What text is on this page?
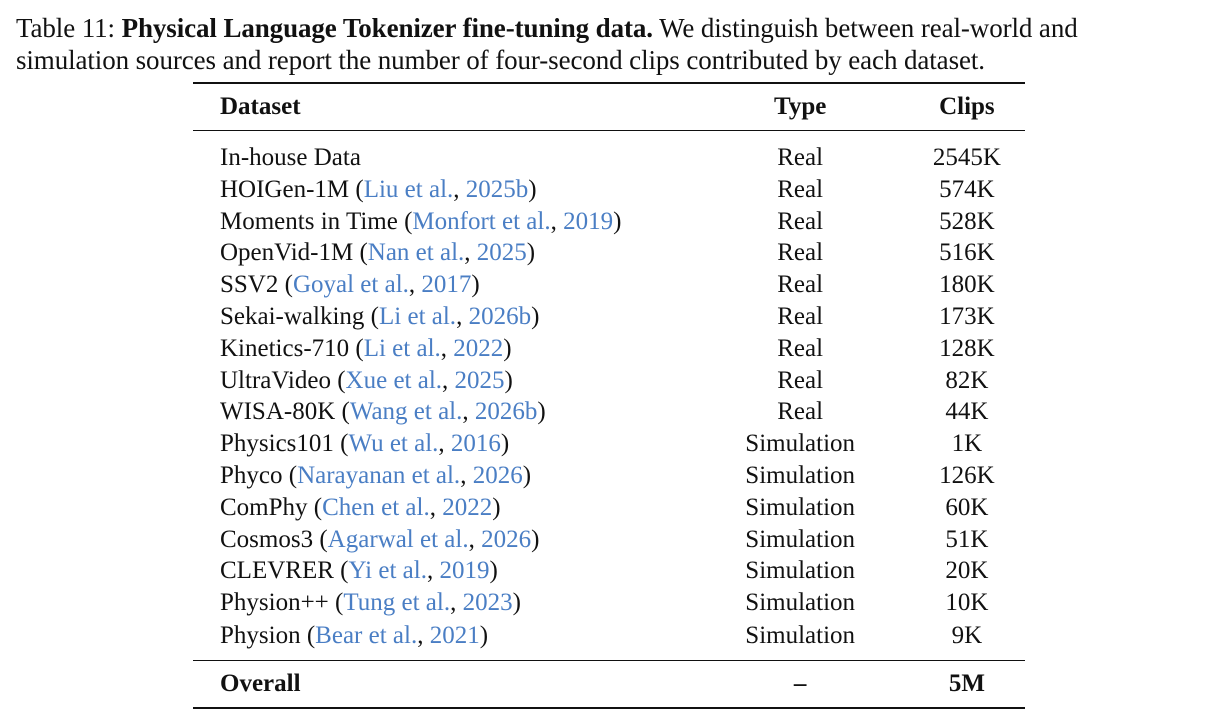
Table 11: Physical Language Tokenizer fine-tuning data. We distinguish between real-world and
simulation sources and report the number of four-second clips contributed by each dataset.
Dataset	Type	Clips
In-house Data	Real	2545K
HOIGen-1M (Liu et al., 2025b)	Real	574K
Moments in Time (Monfort et al., 2019)	Real	528K
OpenVid-1M (Nan et al., 2025)	Real	516K
SSV2 (Goyal et al., 2017)	Real	180K
Sekai-walking (Li et al., 2026b)	Real	173K
Kinetics-710 (Li et al., 2022)	Real	128K
UltraVideo (Xue et al., 2025)	Real	82K
WISA-80K (Wang et al., 2026b)	Real	44K
Physics101 (Wu et al., 2016)	Simulation	1K
Phyco (Narayanan et al., 2026)	Simulation	126K
ComPhy (Chen et al., 2022)	Simulation	60K
Cosmos3 (Agarwal et al., 2026)	Simulation	51K
CLEVRER (Yi et al., 2019)	Simulation	20K
Physion++ (Tung et al., 2023)	Simulation	10K
Physion (Bear et al., 2021)	Simulation	9K
Overall	–	5M
